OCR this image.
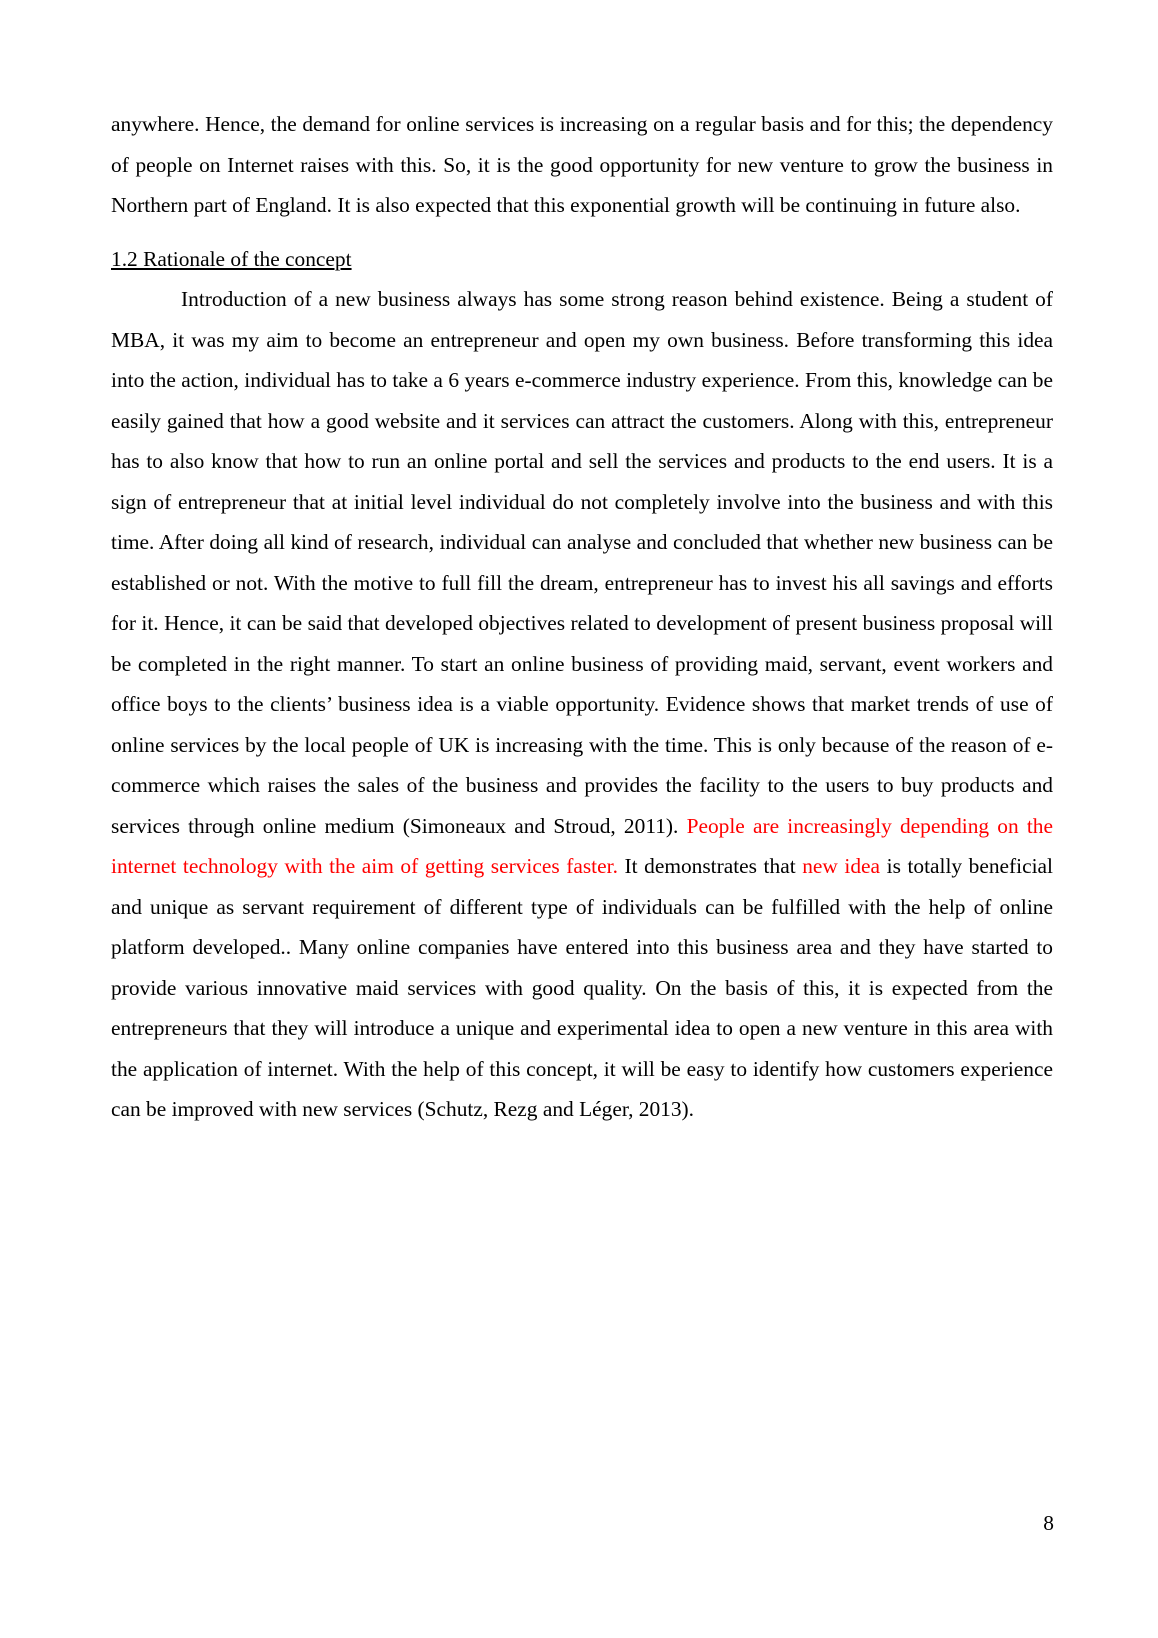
anywhere. Hence, the demand for online services is increasing on a regular basis and for this; the dependency of people on Internet raises with this. So, it is the good opportunity for new venture to grow the business in Northern part of England. It is also expected that this exponential growth will be continuing in future also.

1.2 Rationale of the concept

Introduction of a new business always has some strong reason behind existence. Being a student of MBA, it was my aim to become an entrepreneur and open my own business. Before transforming this idea into the action, individual has to take a 6 years e-commerce industry experience. From this, knowledge can be easily gained that how a good website and it services can attract the customers. Along with this, entrepreneur has to also know that how to run an online portal and sell the services and products to the end users. It is a sign of entrepreneur that at initial level individual do not completely involve into the business and with this time. After doing all kind of research, individual can analyse and concluded that whether new business can be established or not. With the motive to full fill the dream, entrepreneur has to invest his all savings and efforts for it. Hence, it can be said that developed objectives related to development of present business proposal will be completed in the right manner. To start an online business of providing maid, servant, event workers and office boys to the clients’ business idea is a viable opportunity. Evidence shows that market trends of use of online services by the local people of UK is increasing with the time. This is only because of the reason of e-commerce which raises the sales of the business and provides the facility to the users to buy products and services through online medium (Simoneaux and Stroud, 2011). People are increasingly depending on the internet technology with the aim of getting services faster. It demonstrates that new idea is totally beneficial and unique as servant requirement of different type of individuals can be fulfilled with the help of online platform developed.. Many online companies have entered into this business area and they have started to provide various innovative maid services with good quality. On the basis of this, it is expected from the entrepreneurs that they will introduce a unique and experimental idea to open a new venture in this area with the application of internet. With the help of this concept, it will be easy to identify how customers experience can be improved with new services (Schutz, Rezg and Léger, 2013).

8
